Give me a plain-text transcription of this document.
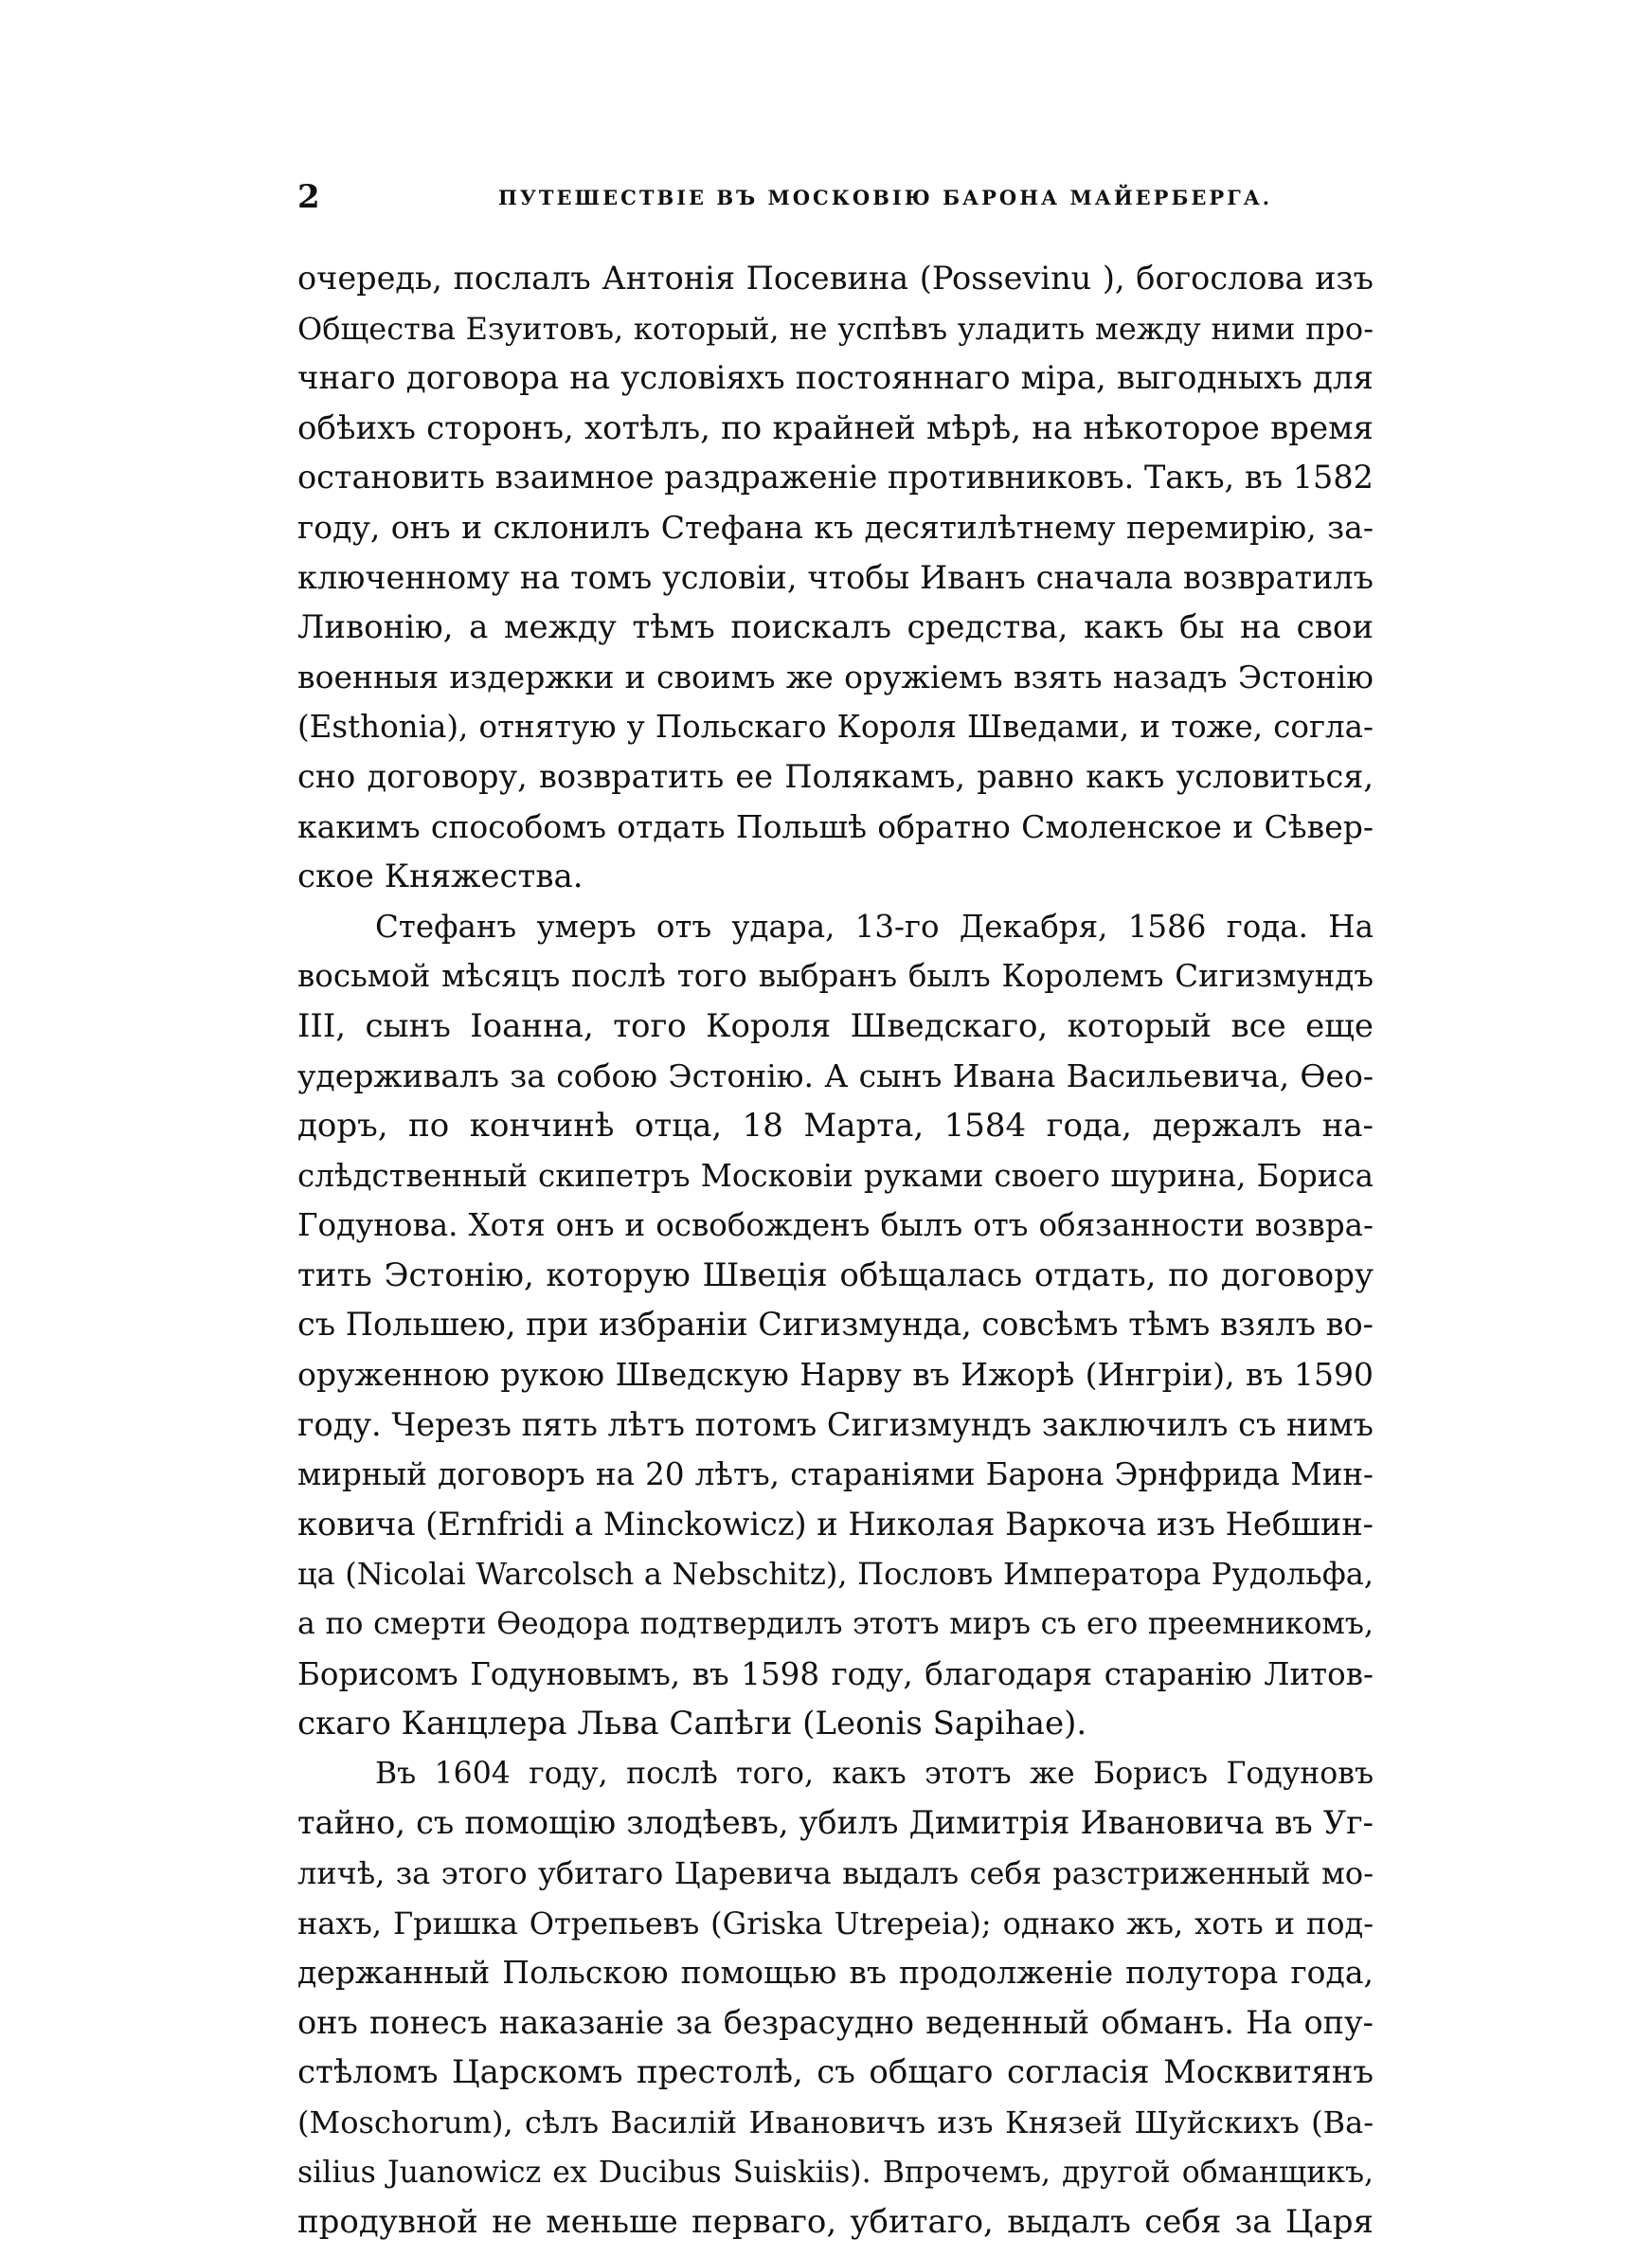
2	ПУТЕШЕСТВІЕ ВЪ МОСКОВІЮ БАРОНА МАЙЕРБЕРГА.

очередь, послалъ Антонія Посевина (Possevinu ), богослова изъ
Общества Езуитовъ, который, не успѣвъ уладить между ними про-
чнаго договора на условіяхъ постояннаго міра, выгодныхъ для
обѣихъ сторонъ, хотѣлъ, по крайней мѣрѣ, на нѣкоторое время
остановить взаимное раздраженіе противниковъ. Такъ, въ 1582
году, онъ и склонилъ Стефана къ десятилѣтнему перемирію, за-
ключенному на томъ условіи, чтобы Иванъ сначала возвратилъ
Ливонію, а между тѣмъ поискалъ средства, какъ бы на свои
военныя издержки и своимъ же оружіемъ взять назадъ Эстонію
(Esthonia), отнятую у Польскаго Короля Шведами, и тоже, согла-
сно договору, возвратить ее Полякамъ, равно какъ условиться,
какимъ способомъ отдать Польшѣ обратно Смоленское и Сѣвер-
ское Княжества.

Стефанъ умеръ отъ удара, 13-го Декабря, 1586 года. На
восьмой мѣсяцъ послѣ того выбранъ былъ Королемъ Сигизмундъ
III, сынъ Іоанна, того Короля Шведскаго, который все еще
удерживалъ за собою Эстонію. А сынъ Ивана Васильевича, Ѳео-
доръ, по кончинѣ отца, 18 Марта, 1584 года, держалъ на-
слѣдственный скипетръ Московіи руками своего шурина, Бориса
Годунова. Хотя онъ и освобожденъ былъ отъ обязанности возвра-
тить Эстонію, которую Швеція обѣщалась отдать, по договору
съ Польшею, при избраніи Сигизмунда, совсѣмъ тѣмъ взялъ во-
оруженною рукою Шведскую Нарву въ Ижорѣ (Ингріи), въ 1590
году. Черезъ пять лѣтъ потомъ Сигизмундъ заключилъ съ нимъ
мирный договоръ на 20 лѣтъ, стараніями Барона Эрнфрида Мин-
ковича (Ernfridi a Minckowicz) и Николая Варкоча изъ Небшин-
ца (Nicolai Warcolsch a Nebschitz), Пословъ Императора Рудольфа,
а по смерти Ѳеодора подтвердилъ этотъ миръ съ его преемникомъ,
Борисомъ Годуновымъ, въ 1598 году, благодаря старанію Литов-
скаго Канцлера Льва Сапѣги (Leonis Sapihae).

Въ 1604 году, послѣ того, какъ этотъ же Борисъ Годуновъ
тайно, съ помощію злодѣевъ, убилъ Димитрія Ивановича въ Уг-
личѣ, за этого убитаго Царевича выдалъ себя разстриженный мо-
нахъ, Гришка Отрепьевъ (Griska Utrepeia); однако жъ, хоть и под-
держанный Польскою помощью въ продолженіе полутора года,
онъ понесъ наказаніе за безрасудно веденный обманъ. На опу-
стѣломъ Царскомъ престолѣ, съ общаго согласія Москвитянъ
(Moschorum), сѣлъ Василій Ивановичъ изъ Князей Шуйскихъ (Ba-
silius Juanowicz ex Ducibus Suiskiis). Впрочемъ, другой обманщикъ,
продувной не меньше перваго, убитаго, выдалъ себя за Царя
